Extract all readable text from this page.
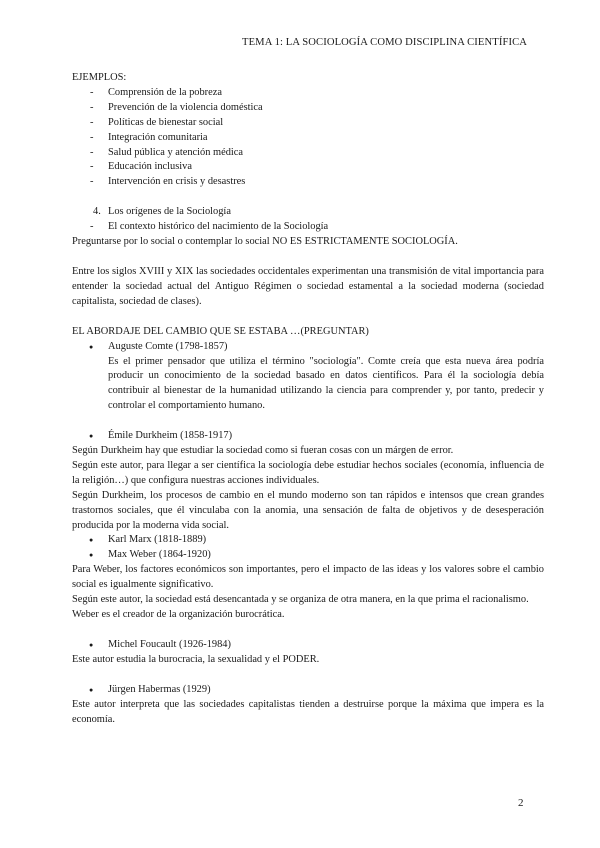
TEMA 1: LA SOCIOLOGÍA COMO DISCIPLINA CIENTÍFICA

EJEMPLOS:

- Comprensión de la pobreza
- Prevención de la violencia doméstica
- Políticas de bienestar social
- Integración comunitaria
- Salud pública y atención médica
- Educación inclusiva
- Intervención en crisis y desastres

4. Los orígenes de la Sociología

- El contexto histórico del nacimiento de la Sociología

Preguntarse por lo social o contemplar lo social NO ES ESTRICTAMENTE SOCIOLOGÍA.

Entre los siglos XVIII y XIX las sociedades occidentales experimentan una transmisión de vital importancia para entender la sociedad actual del Antiguo Régimen o sociedad estamental a la sociedad moderna (sociedad capitalista, sociedad de clases).

EL ABORDAJE DEL CAMBIO QUE SE ESTABA …(PREGUNTAR)

● Auguste Comte (1798-1857)

Es el primer pensador que utiliza el término "sociología". Comte creía que esta nueva área podría producir un conocimiento de la sociedad basado en datos científicos. Para él la sociología debía contribuir al bienestar de la humanidad utilizando la ciencia para comprender y, por tanto, predecir y controlar el comportamiento humano.

● Émile Durkheim (1858-1917)

Según Durkheim hay que estudiar la sociedad como si fueran cosas con un márgen de error.

Según este autor, para llegar a ser científica la sociología debe estudiar hechos sociales (economía, influencia de la religión…) que configura nuestras acciones individuales.

Según Durkheim, los procesos de cambio en el mundo moderno son tan rápidos e intensos que crean grandes trastornos sociales, que él vinculaba con la anomia, una sensación de falta de objetivos y de desesperación producida por la moderna vida social.

● Karl Marx (1818-1889)

● Max Weber (1864-1920)

Para Weber, los factores económicos son importantes, pero el impacto de las ideas y los valores sobre el cambio social es igualmente significativo.

Según este autor, la sociedad está desencantada y se organiza de otra manera, en la que prima el racionalismo.

Weber es el creador de la organización burocrática.

● Michel Foucault (1926-1984)

Este autor estudia la burocracia, la sexualidad y el PODER.

● Jürgen Habermas (1929)

Este autor interpreta que las sociedades capitalistas tienden a destruirse porque la máxima que impera es la economía.

2
